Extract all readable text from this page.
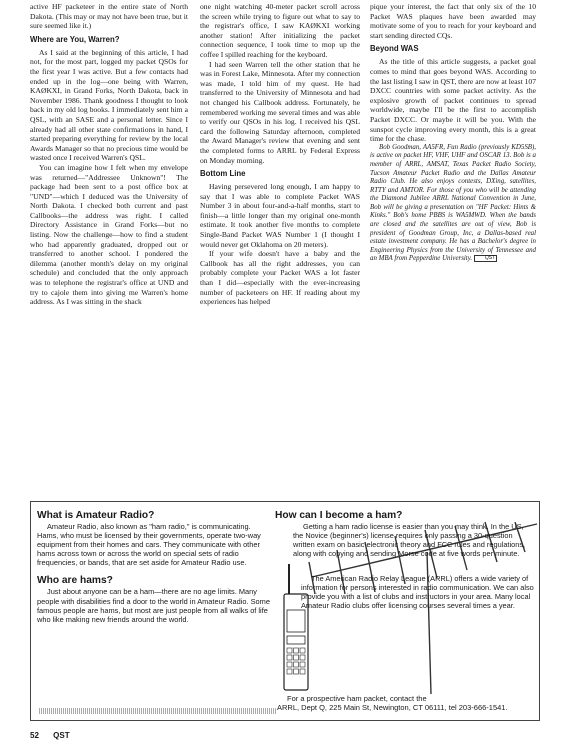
active HF packeteer in the entire state of North Dakota. (This may or may not have been true, but it sure seemed like it.)

Where are You, Warren?

As I said at the beginning of this article, I had not, for the most part, logged my packet QSOs for the first year I was active. But a few contacts had ended up in the log—one being with Warren, KAØKXI, in Grand Forks, North Dakota, back in November 1986. Thank goodness I thought to look back in my old log books. I immediately sent him a QSL, with an SASE and a personal letter. Since I already had all other state confirmations in hand, I started preparing everything for review by the local Awards Manager so that no precious time would be wasted once I received Warren's QSL.

You can imagine how I felt when my envelope was returned—"Addressee Unknown"! The package had been sent to a post office box at "UND"—which I deduced was the University of North Dakota. I checked both current and past Callbooks—the address was right. I called Directory Assistance in Grand Forks—but no listing. Now the challenge—how to find a student who had apparently graduated, dropped out or transferred to another school. I pondered the dilemma (another month's delay on my original schedule) and concluded that the only approach was to telephone the registrar's office at UND and try to cajole them into giving me Warren's home address. As I was sitting in the shack

one night watching 40-meter packet scroll across the screen while trying to figure out what to say to the registrar's office, I saw KAØKXI working another station! After initializing the packet connection sequence, I took time to mop up the coffee I spilled reaching for the keyboard.

I had seen Warren tell the other station that he was in Forest Lake, Minnesota. After my connection was made, I told him of my quest. He had transferred to the University of Minnesota and had not changed his Callbook address. Fortunately, he remembered working me several times and was able to verify our QSOs in his log. I received his QSL card the following Saturday afternoon, completed the Award Manager's review that evening and sent the completed forms to ARRL by Federal Express on Monday morning.

Bottom Line

Having persevered long enough, I am happy to say that I was able to complete Packet WAS Number 3 in about four-and-a-half months, start to finish—a little longer than my original one-month estimate. It took another five months to complete Single-Band Packet WAS Number 1 (I thought I would never get Oklahoma on 20 meters).

If your wife doesn't have a baby and the Callbook has all the right addresses, you can probably complete your Packet WAS a lot faster than I did—especially with the ever-increasing number of packeteers on HF. If reading about my experiences has helped

pique your interest, the fact that only six of the 10 Packet WAS plaques have been awarded may motivate some of you to reach for your keyboard and start sending directed CQs.

Beyond WAS

As the title of this article suggests, a packet goal comes to mind that goes beyond WAS. According to the last listing I saw in QST, there are now at least 107 DXCC countries with some packet activity. As the explosive growth of packet continues to spread worldwide, maybe I'll be the first to accomplish Packet DXCC. Or maybe it will be you. With the sunspot cycle improving every month, this is a great time for the chase.

Bob Goodman, AA5FR, Fun Radio (previously KD5SB), is active on packet HF, VHF, UHF and OSCAR 13. Bob is a member of ARRL, AMSAT, Texas Packet Radio Society, Tucson Amateur Packet Radio and the Dallas Amateur Radio Club. He also enjoys contests, DXing, satellites, RTTY and AMTOR. For those of you who will be attending the Diamond Jubilee ARRL National Convention in June, Bob will be giving a presentation on "HF Packet: Hints & Kinks." Bob's home PBBS is WA5MWD. When the bands are closed and the satellites are out of view, Bob is president of Goodman Group, Inc, a Dallas-based real estate investment company. He has a Bachelor's degree in Engineering Physics from the University of Tennessee and an MBA from Pepperdine University.	QST

What is Amateur Radio?

Amateur Radio, also known as "ham radio," is communicating. Hams, who must be licensed by their governments, operate two-way equipment from their homes and cars. They communicate with other hams across town or across the world on special sets of radio frequencies, or bands, that are set aside for Amateur Radio use.

Who are hams?

Just about anyone can be a ham—there are no age limits. Many people with disabilities find a door to the world in Amateur Radio. Some famous people are hams, but most are just people from all walks of life who like making new friends around the world.

How can I become a ham?

Getting a ham radio license is easier than you may think. In the US, the Novice (beginner's) license requires only passing a 30-question written exam on basic electronic theory and FCC rules and regulations, along with copying and sending Morse code at five words per minute.

The American Radio Relay League (ARRL) offers a wide variety of information for persons interested in radio communication. We can also provide you with a list of clubs and instructors in your area. Many local Amateur Radio clubs offer licensing courses several times a year.

For a prospective ham packet, contact the
ARRL, Dept Q, 225 Main St, Newington, CT 06111, tel 203-666-1541.
52 QST
